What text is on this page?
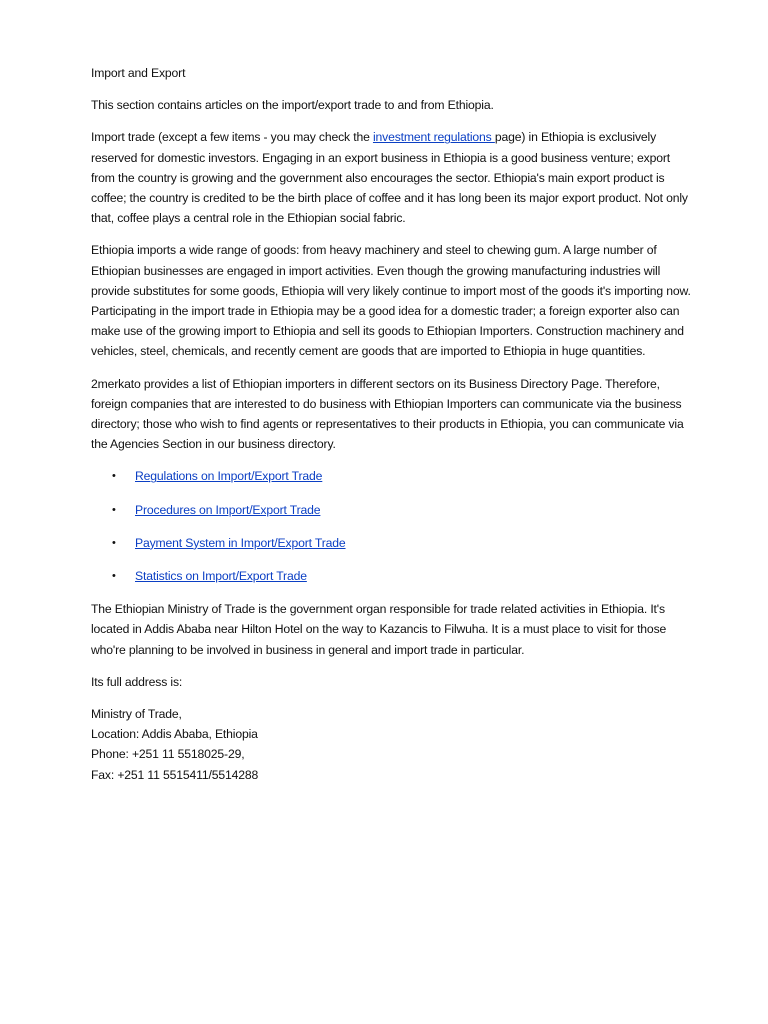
Import and Export

This section contains articles on the import/export trade to and from Ethiopia.

Import trade (except a few items - you may check the investment regulations page) in Ethiopia is exclusively reserved for domestic investors. Engaging in an export business in Ethiopia is a good business venture; export from the country is growing and the government also encourages the sector. Ethiopia's main export product is coffee; the country is credited to be the birth place of coffee and it has long been its major export product. Not only that, coffee plays a central role in the Ethiopian social fabric.

Ethiopia imports a wide range of goods: from heavy machinery and steel to chewing gum. A large number of Ethiopian businesses are engaged in import activities. Even though the growing manufacturing industries will provide substitutes for some goods, Ethiopia will very likely continue to import most of the goods it's importing now. Participating in the import trade in Ethiopia may be a good idea for a domestic trader; a foreign exporter also can make use of the growing import to Ethiopia and sell its goods to Ethiopian Importers. Construction machinery and vehicles, steel, chemicals, and recently cement are goods that are imported to Ethiopia in huge quantities.

2merkato provides a list of Ethiopian importers in different sectors on its Business Directory Page. Therefore, foreign companies that are interested to do business with Ethiopian Importers can communicate via the business directory; those who wish to find agents or representatives to their products in Ethiopia, you can communicate via the Agencies Section in our business directory.

• Regulations on Import/Export Trade
• Procedures on Import/Export Trade
• Payment System in Import/Export Trade
• Statistics on Import/Export Trade

The Ethiopian Ministry of Trade is the government organ responsible for trade related activities in Ethiopia. It's located in Addis Ababa near Hilton Hotel on the way to Kazancis to Filwuha. It is a must place to visit for those who're planning to be involved in business in general and import trade in particular.

Its full address is:

Ministry of Trade,

Location: Addis Ababa, Ethiopia

Phone: +251 11 5518025-29,

Fax: +251 11 5515411/5514288
